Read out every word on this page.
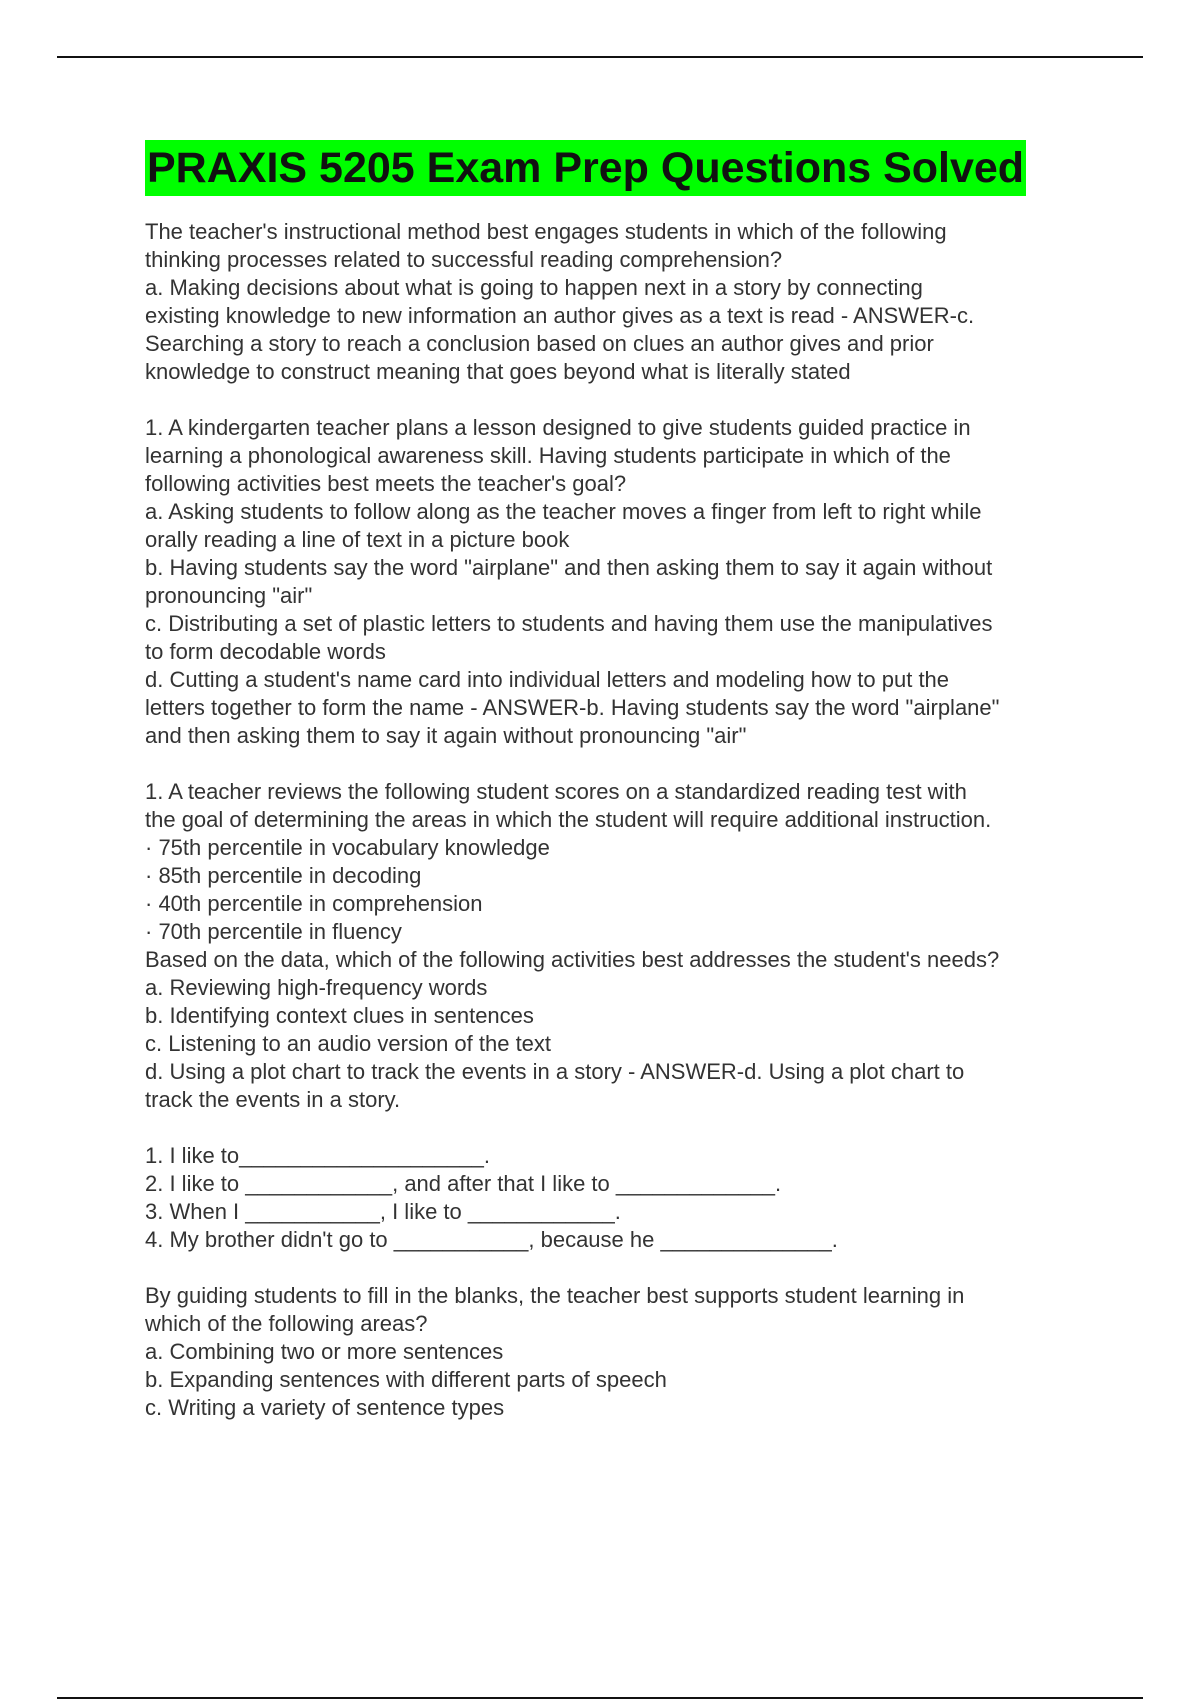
PRAXIS 5205 Exam Prep Questions Solved
The teacher's instructional method best engages students in which of the following
thinking processes related to successful reading comprehension?
a. Making decisions about what is going to happen next in a story by connecting
existing knowledge to new information an author gives as a text is read - ANSWER-c.
Searching a story to reach a conclusion based on clues an author gives and prior
knowledge to construct meaning that goes beyond what is literally stated
1. A kindergarten teacher plans a lesson designed to give students guided practice in
learning a phonological awareness skill. Having students participate in which of the
following activities best meets the teacher's goal?
a. Asking students to follow along as the teacher moves a finger from left to right while
orally reading a line of text in a picture book
b. Having students say the word "airplane" and then asking them to say it again without
pronouncing "air"
c. Distributing a set of plastic letters to students and having them use the manipulatives
to form decodable words
d. Cutting a student's name card into individual letters and modeling how to put the
letters together to form the name - ANSWER-b. Having students say the word "airplane"
and then asking them to say it again without pronouncing "air"
1. A teacher reviews the following student scores on a standardized reading test with
the goal of determining the areas in which the student will require additional instruction.
· 75th percentile in vocabulary knowledge
· 85th percentile in decoding
· 40th percentile in comprehension
· 70th percentile in fluency
Based on the data, which of the following activities best addresses the student's needs?
a. Reviewing high-frequency words
b. Identifying context clues in sentences
c. Listening to an audio version of the text
d. Using a plot chart to track the events in a story - ANSWER-d. Using a plot chart to
track the events in a story.
1. I like to____________________.
2. I like to ____________, and after that I like to _____________.
3. When I ___________, I like to ____________.
4. My brother didn't go to ___________, because he ______________.
By guiding students to fill in the blanks, the teacher best supports student learning in
which of the following areas?
a. Combining two or more sentences
b. Expanding sentences with different parts of speech
c. Writing a variety of sentence types
